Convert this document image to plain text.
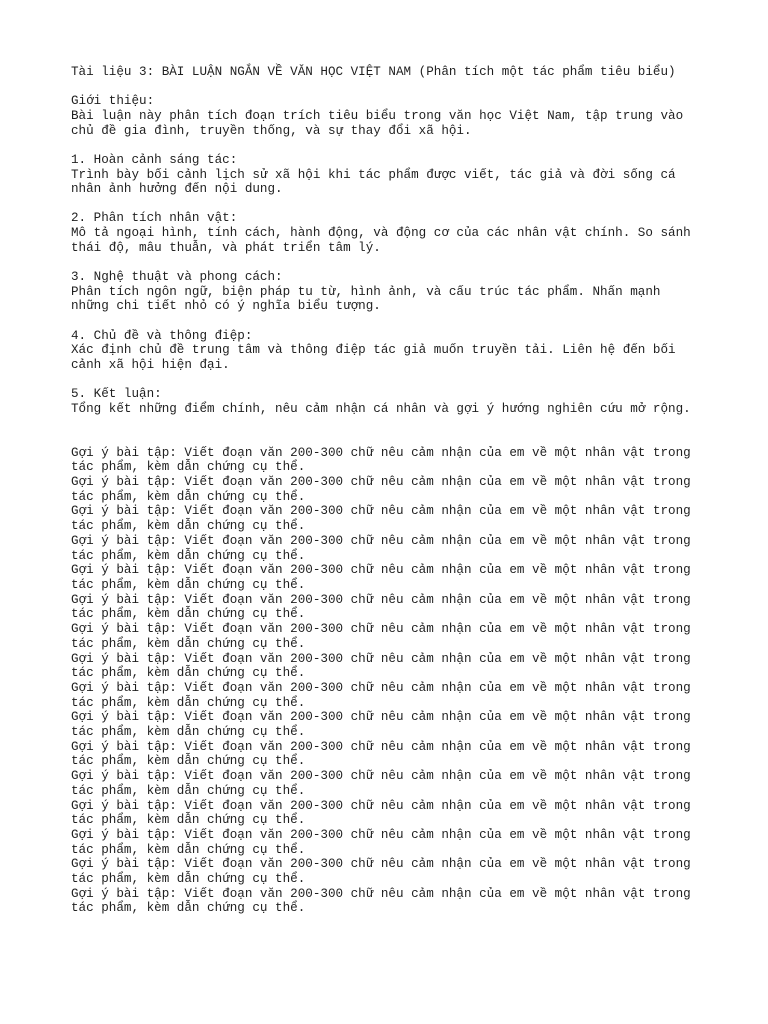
Tài liệu 3: BÀI LUẬN NGẮN VỀ VĂN HỌC VIỆT NAM (Phân tích một tác phẩm tiêu biểu)
Giới thiệu:
Bài luận này phân tích đoạn trích tiêu biểu trong văn học Việt Nam, tập trung vào
chủ đề gia đình, truyền thống, và sự thay đổi xã hội.
1. Hoàn cảnh sáng tác:
Trình bày bối cảnh lịch sử xã hội khi tác phẩm được viết, tác giả và đời sống cá
nhân ảnh hưởng đến nội dung.
2. Phân tích nhân vật:
Mô tả ngoại hình, tính cách, hành động, và động cơ của các nhân vật chính. So sánh
thái độ, mâu thuẫn, và phát triển tâm lý.
3. Nghệ thuật và phong cách:
Phân tích ngôn ngữ, biện pháp tu từ, hình ảnh, và cấu trúc tác phẩm. Nhấn mạnh
những chi tiết nhỏ có ý nghĩa biểu tượng.
4. Chủ đề và thông điệp:
Xác định chủ đề trung tâm và thông điệp tác giả muốn truyền tải. Liên hệ đến bối
cảnh xã hội hiện đại.
5. Kết luận:
Tổng kết những điểm chính, nêu cảm nhận cá nhân và gợi ý hướng nghiên cứu mở rộng.
Gợi ý bài tập: Viết đoạn văn 200-300 chữ nêu cảm nhận của em về một nhân vật trong
tác phẩm, kèm dẫn chứng cụ thể.
Gợi ý bài tập: Viết đoạn văn 200-300 chữ nêu cảm nhận của em về một nhân vật trong
tác phẩm, kèm dẫn chứng cụ thể.
Gợi ý bài tập: Viết đoạn văn 200-300 chữ nêu cảm nhận của em về một nhân vật trong
tác phẩm, kèm dẫn chứng cụ thể.
Gợi ý bài tập: Viết đoạn văn 200-300 chữ nêu cảm nhận của em về một nhân vật trong
tác phẩm, kèm dẫn chứng cụ thể.
Gợi ý bài tập: Viết đoạn văn 200-300 chữ nêu cảm nhận của em về một nhân vật trong
tác phẩm, kèm dẫn chứng cụ thể.
Gợi ý bài tập: Viết đoạn văn 200-300 chữ nêu cảm nhận của em về một nhân vật trong
tác phẩm, kèm dẫn chứng cụ thể.
Gợi ý bài tập: Viết đoạn văn 200-300 chữ nêu cảm nhận của em về một nhân vật trong
tác phẩm, kèm dẫn chứng cụ thể.
Gợi ý bài tập: Viết đoạn văn 200-300 chữ nêu cảm nhận của em về một nhân vật trong
tác phẩm, kèm dẫn chứng cụ thể.
Gợi ý bài tập: Viết đoạn văn 200-300 chữ nêu cảm nhận của em về một nhân vật trong
tác phẩm, kèm dẫn chứng cụ thể.
Gợi ý bài tập: Viết đoạn văn 200-300 chữ nêu cảm nhận của em về một nhân vật trong
tác phẩm, kèm dẫn chứng cụ thể.
Gợi ý bài tập: Viết đoạn văn 200-300 chữ nêu cảm nhận của em về một nhân vật trong
tác phẩm, kèm dẫn chứng cụ thể.
Gợi ý bài tập: Viết đoạn văn 200-300 chữ nêu cảm nhận của em về một nhân vật trong
tác phẩm, kèm dẫn chứng cụ thể.
Gợi ý bài tập: Viết đoạn văn 200-300 chữ nêu cảm nhận của em về một nhân vật trong
tác phẩm, kèm dẫn chứng cụ thể.
Gợi ý bài tập: Viết đoạn văn 200-300 chữ nêu cảm nhận của em về một nhân vật trong
tác phẩm, kèm dẫn chứng cụ thể.
Gợi ý bài tập: Viết đoạn văn 200-300 chữ nêu cảm nhận của em về một nhân vật trong
tác phẩm, kèm dẫn chứng cụ thể.
Gợi ý bài tập: Viết đoạn văn 200-300 chữ nêu cảm nhận của em về một nhân vật trong
tác phẩm, kèm dẫn chứng cụ thể.
